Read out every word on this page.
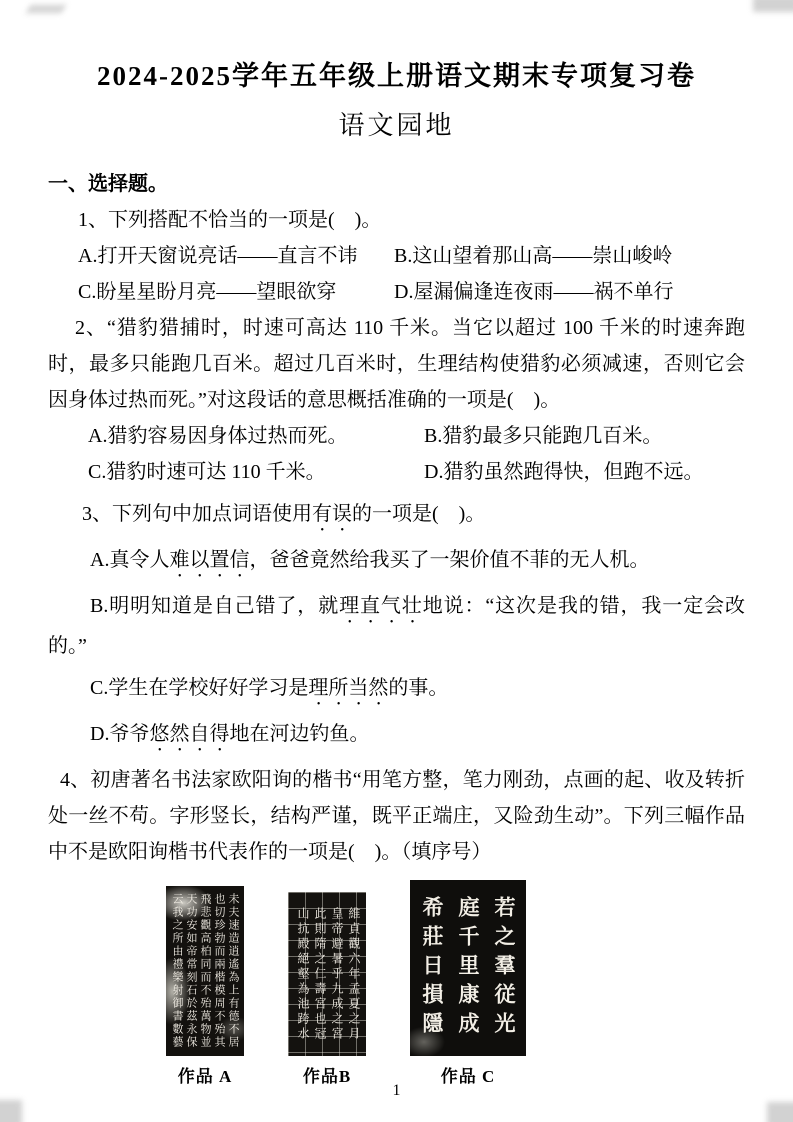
2024-2025学年五年级上册语文期末专项复习卷
语文园地

一、选择题。

1、下列搭配不恰当的一项是(　)。

A.打开天窗说亮话——直言不讳	B.这山望着那山高——崇山峻岭
C.盼星星盼月亮——望眼欲穿	D.屋漏偏逢连夜雨——祸不单行

2、“猎豹猎捕时，时速可高达 110 千米。当它以超过 100 千米的时速奔跑时，最多只能跑几百米。超过几百米时，生理结构使猎豹必须减速，否则它会因身体过热而死。”对这段话的意思概括准确的一项是(　)。

A.猎豹容易因身体过热而死。	B.猎豹最多只能跑几百米。
C.猎豹时速可达 110 千米。	D.猎豹虽然跑得快，但跑不远。

3、下列句中加点词语使用有误的一项是(　)。

A.真令人难以置信，爸爸竟然给我买了一架价值不菲的无人机。

B.明明知道是自己错了，就理直气壮地说：“这次是我的错，我一定会改的。”

C.学生在学校好好学习是理所当然的事。

D.爷爷悠然自得地在河边钓鱼。

4、初唐著名书法家欧阳询的楷书“用笔方整，笔力刚劲，点画的起、收及转折处一丝不苟。字形竖长，结构严谨，既平正端庄，又险劲生动”。下列三幅作品中不是欧阳询楷书代表作的一项是(　)。（填序号）

未夫速造逍遙為上有德不居
也切珍勃而兩楷模周不殆其
飛悲觀高柏同而不殆萬物並
天功安如帝常刻石於茲永保
云我之所由禮樂射御書數藝
作品 A
維貞觀六年孟夏之月
皇帝避暑乎九成之宮
此則隋之仁壽宮也冠
山抗殿絕壑為池跨水
作品B
若之羣従光
庭千里康成
希莊日損隱
作品 C
1
